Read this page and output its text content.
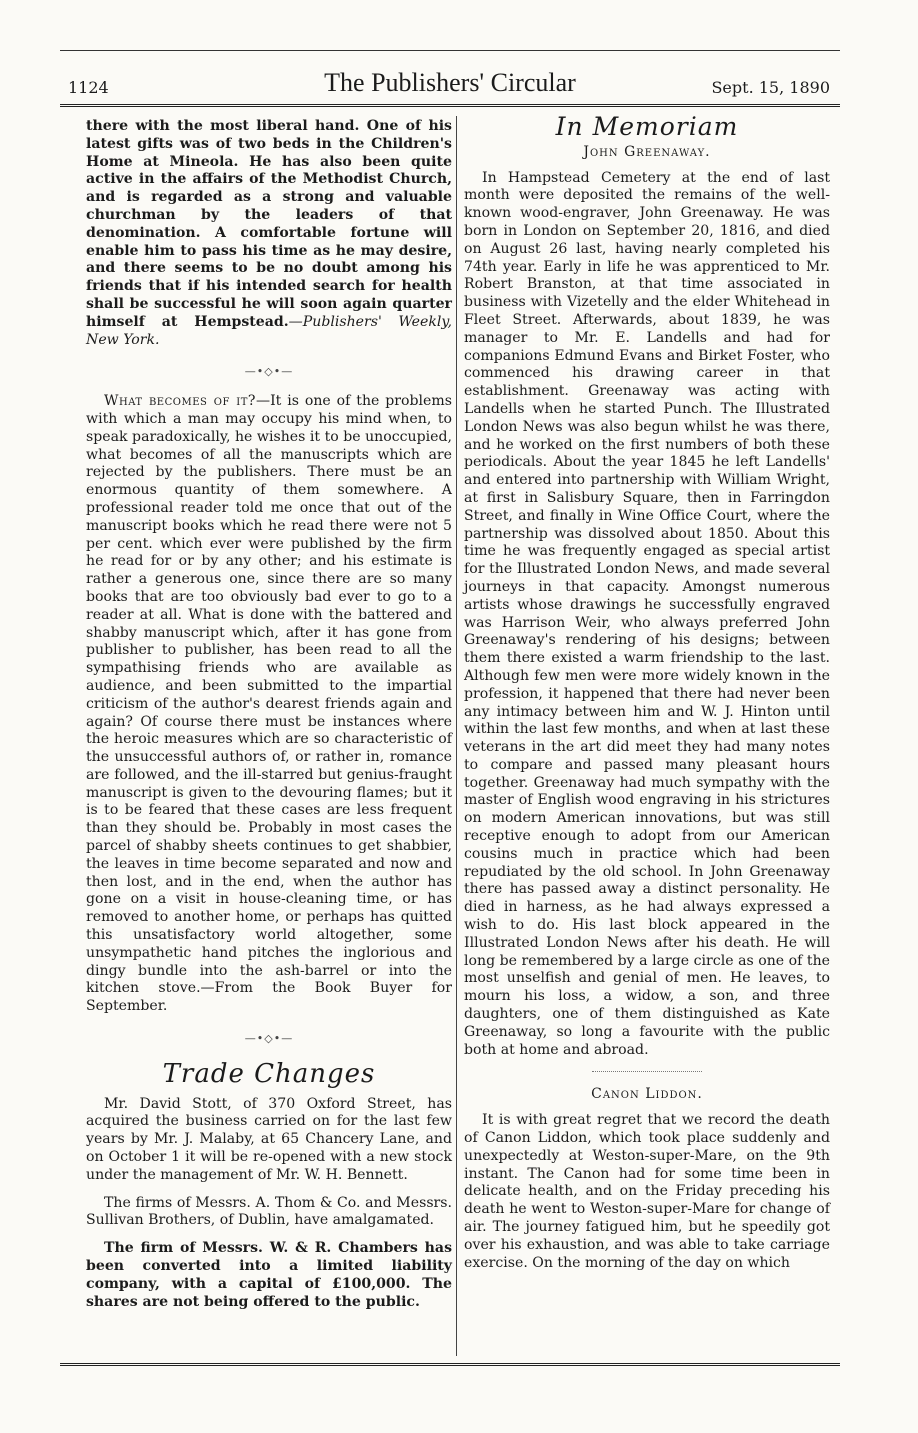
1124	The Publishers' Circular	Sept. 15, 1890

there with the most liberal hand. One of his latest gifts was of two beds in the Children's Home at Mineola. He has also been quite active in the affairs of the Methodist Church, and is regarded as a strong and valuable churchman by the leaders of that denomination. A comfortable fortune will enable him to pass his time as he may desire, and there seems to be no doubt among his friends that if his intended search for health shall be successful he will soon again quarter himself at Hempstead.—Publishers' Weekly, New York.

—•◇•—

What becomes of it?—It is one of the problems with which a man may occupy his mind when, to speak paradoxically, he wishes it to be unoccupied, what becomes of all the manuscripts which are rejected by the publishers. There must be an enormous quantity of them somewhere. A professional reader told me once that out of the manuscript books which he read there were not 5 per cent. which ever were published by the firm he read for or by any other; and his estimate is rather a generous one, since there are so many books that are too obviously bad ever to go to a reader at all. What is done with the battered and shabby manuscript which, after it has gone from publisher to publisher, has been read to all the sympathising friends who are available as audience, and been submitted to the impartial criticism of the author's dearest friends again and again? Of course there must be instances where the heroic measures which are so characteristic of the unsuccessful authors of, or rather in, romance are followed, and the ill-starred but genius-fraught manuscript is given to the devouring flames; but it is to be feared that these cases are less frequent than they should be. Probably in most cases the parcel of shabby sheets continues to get shabbier, the leaves in time become separated and now and then lost, and in the end, when the author has gone on a visit in house-cleaning time, or has removed to another home, or perhaps has quitted this unsatisfactory world altogether, some unsympathetic hand pitches the inglorious and dingy bundle into the ash-barrel or into the kitchen stove.—From the Book Buyer for September.

—•◇•—
Trade Changes

Mr. David Stott, of 370 Oxford Street, has acquired the business carried on for the last few years by Mr. J. Malaby, at 65 Chancery Lane, and on October 1 it will be re-opened with a new stock under the management of Mr. W. H. Bennett.

The firms of Messrs. A. Thom & Co. and Messrs. Sullivan Brothers, of Dublin, have amalgamated.

The firm of Messrs. W. & R. Chambers has been converted into a limited liability company, with a capital of £100,000. The shares are not being offered to the public.

In Memoriam
John Greenaway.

In Hampstead Cemetery at the end of last month were deposited the remains of the well-known wood-engraver, John Greenaway. He was born in London on September 20, 1816, and died on August 26 last, having nearly completed his 74th year. Early in life he was apprenticed to Mr. Robert Branston, at that time associated in business with Vizetelly and the elder Whitehead in Fleet Street. Afterwards, about 1839, he was manager to Mr. E. Landells and had for companions Edmund Evans and Birket Foster, who commenced his drawing career in that establishment. Greenaway was acting with Landells when he started Punch. The Illustrated London News was also begun whilst he was there, and he worked on the first numbers of both these periodicals. About the year 1845 he left Landells' and entered into partnership with William Wright, at first in Salisbury Square, then in Farringdon Street, and finally in Wine Office Court, where the partnership was dissolved about 1850. About this time he was frequently engaged as special artist for the Illustrated London News, and made several journeys in that capacity. Amongst numerous artists whose drawings he successfully engraved was Harrison Weir, who always preferred John Greenaway's rendering of his designs; between them there existed a warm friendship to the last. Although few men were more widely known in the profession, it happened that there had never been any intimacy between him and W. J. Hinton until within the last few months, and when at last these veterans in the art did meet they had many notes to compare and passed many pleasant hours together. Greenaway had much sympathy with the master of English wood engraving in his strictures on modern American innovations, but was still receptive enough to adopt from our American cousins much in practice which had been repudiated by the old school. In John Greenaway there has passed away a distinct personality. He died in harness, as he had always expressed a wish to do. His last block appeared in the Illustrated London News after his death. He will long be remembered by a large circle as one of the most unselfish and genial of men. He leaves, to mourn his loss, a widow, a son, and three daughters, one of them distinguished as Kate Greenaway, so long a favourite with the public both at home and abroad.

Canon Liddon.

It is with great regret that we record the death of Canon Liddon, which took place suddenly and unexpectedly at Weston-super-Mare, on the 9th instant. The Canon had for some time been in delicate health, and on the Friday preceding his death he went to Weston-super-Mare for change of air. The journey fatigued him, but he speedily got over his exhaustion, and was able to take carriage exercise. On the morning of the day on which
